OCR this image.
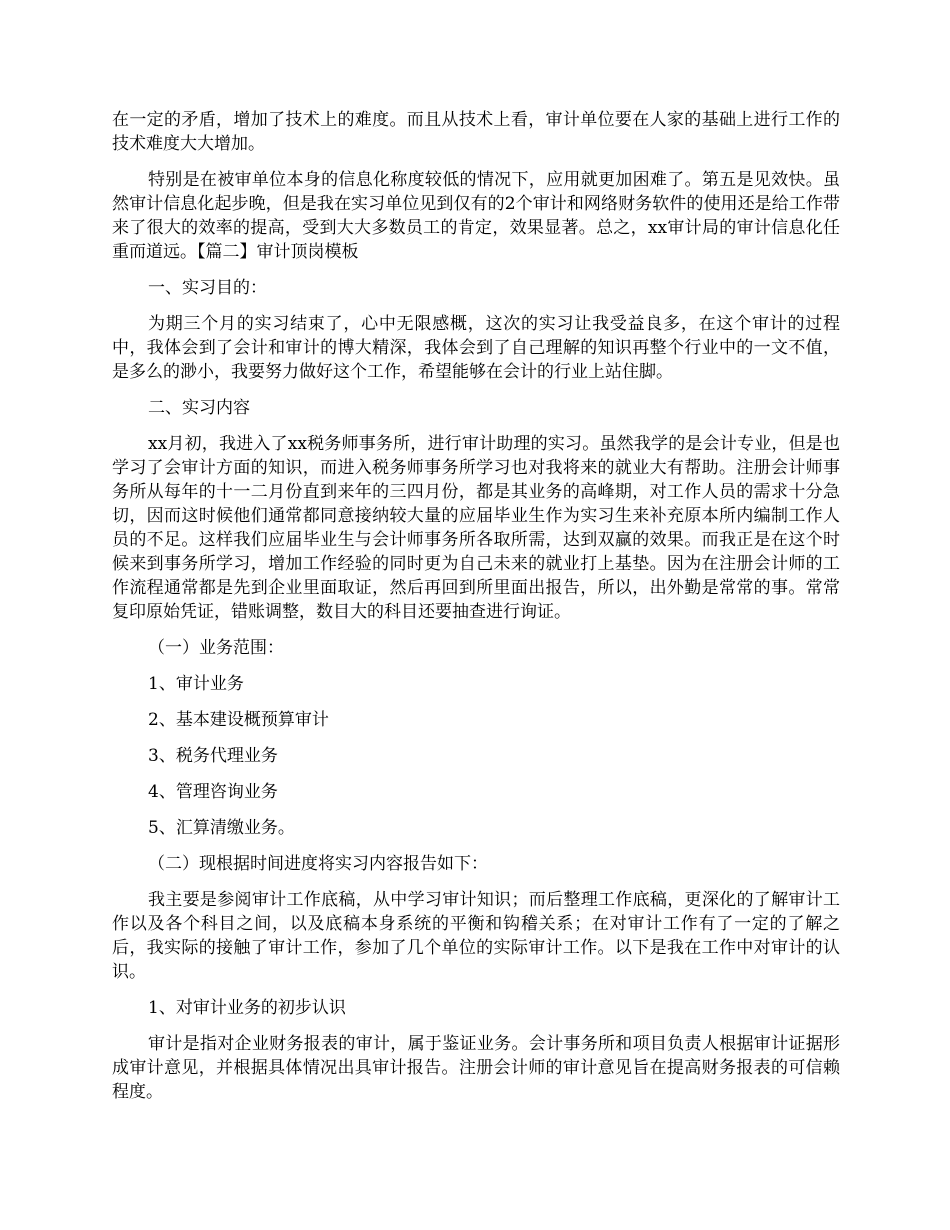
在一定的矛盾，增加了技术上的难度。而且从技术上看，审计单位要在人家的基础上进行工作的技术难度大大增加。

特别是在被审单位本身的信息化称度较低的情况下，应用就更加困难了。第五是见效快。虽然审计信息化起步晚，但是我在实习单位见到仅有的2个审计和网络财务软件的使用还是给工作带来了很大的效率的提高，受到大大多数员工的肯定，效果显著。总之，xx审计局的审计信息化任重而道远。【篇二】审计顶岗模板

一、实习目的：

为期三个月的实习结束了，心中无限感概，这次的实习让我受益良多，在这个审计的过程中，我体会到了会计和审计的博大精深，我体会到了自己理解的知识再整个行业中的一文不值，是多么的渺小，我要努力做好这个工作，希望能够在会计的行业上站住脚。

二、实习内容

xx月初，我进入了xx税务师事务所，进行审计助理的实习。虽然我学的是会计专业，但是也学习了会审计方面的知识，而进入税务师事务所学习也对我将来的就业大有帮助。注册会计师事务所从每年的十一二月份直到来年的三四月份，都是其业务的高峰期，对工作人员的需求十分急切，因而这时候他们通常都同意接纳较大量的应届毕业生作为实习生来补充原本所内编制工作人员的不足。这样我们应届毕业生与会计师事务所各取所需，达到双赢的效果。而我正是在这个时候来到事务所学习，增加工作经验的同时更为自己未来的就业打上基垫。因为在注册会计师的工作流程通常都是先到企业里面取证，然后再回到所里面出报告，所以，出外勤是常常的事。常常复印原始凭证，错账调整，数目大的科目还要抽查进行询证。

（一）业务范围：

1、审计业务

2、基本建设概预算审计

3、税务代理业务

4、管理咨询业务

5、汇算清缴业务。

（二）现根据时间进度将实习内容报告如下：

我主要是参阅审计工作底稿，从中学习审计知识；而后整理工作底稿，更深化的了解审计工作以及各个科目之间，以及底稿本身系统的平衡和钩稽关系；在对审计工作有了一定的了解之后，我实际的接触了审计工作，参加了几个单位的实际审计工作。以下是我在工作中对审计的认识。

1、对审计业务的初步认识

审计是指对企业财务报表的审计，属于鉴证业务。会计事务所和项目负责人根据审计证据形成审计意见，并根据具体情况出具审计报告。注册会计师的审计意见旨在提高财务报表的可信赖程度。
